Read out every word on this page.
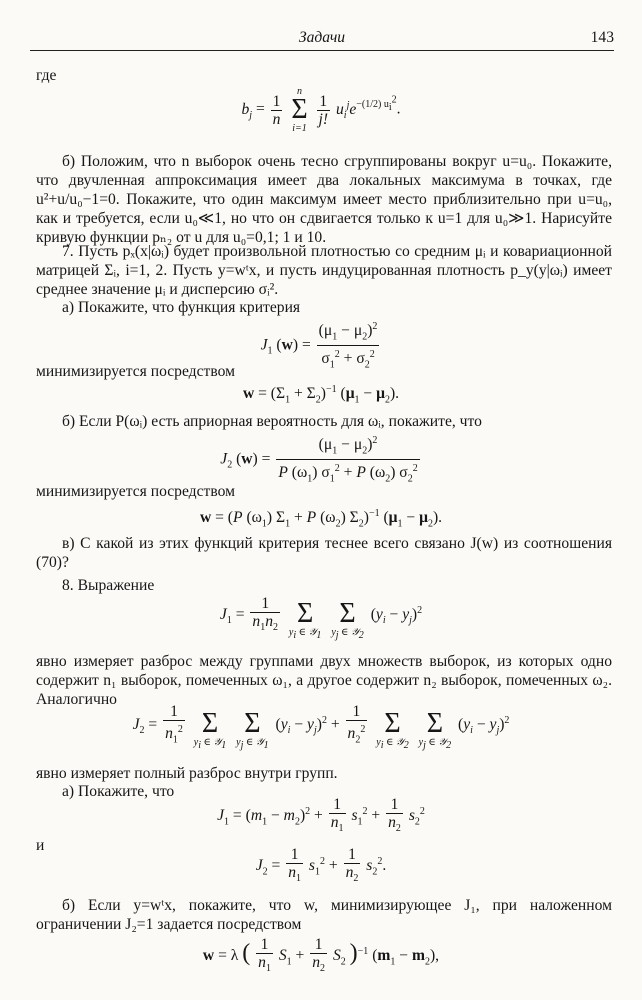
Задачи	143
где
$b_j = \frac{1}{n}$

n
Σ
i=1

$\frac{1}{j!} u_i^je^{-(1/2) u_i^2}$.

б) Положим, что n выборок очень тесно сгруппированы вокруг u=u₀. Покажите, что двучленная аппроксимация имеет два локальных максимума в точках, где u²+u/u₀−1=0. Покажите, что один максимум имеет место приблизительно при u=u₀, как и требуется, если u₀≪1, но что он сдвигается только к u=1 для u₀≫1. Нарисуйте кривую функции pₙ₂ от u для u₀=0,1; 1 и 10.

7. Пусть pₓ(x|ωᵢ) будет произвольной плотностью со средним μᵢ и ковариационной матрицей Σᵢ, i=1, 2. Пусть y=wᵗx, и пусть индуцированная плотность p_y(y|ωᵢ) имеет среднее значение μᵢ и дисперсию σᵢ².

а) Покажите, что функция критерия

$J_1$ $(w) = \frac{(\mu_1 - \mu_2)^2}{\sigma_1^2 + \sigma_2^2}$
минимизируется посредством
$w = (\Sigma_1 + \Sigma_2)^{-1}$ $(\mu_1 - \mu_2)$.

б) Если P(ωᵢ) есть априорная вероятность для ωᵢ, покажите, что

$J_2$ $(w) = \frac{(\mu_1 - \mu_2)^2}{P (\omega_1) \sigma_1^2 + P (\omega_2) \sigma_2^2}$
минимизируется посредством
w = (P $(\omega_1) \Sigma_1 + P$ $(\omega_2)$ $\Sigma_2)^{-1}$ $(\mu_1 - \mu_2)$.

в) С какой из этих функций критерия теснее всего связано J(w) из соотношения (70)?

8. Выражение

$J_1 = \frac{1}{n_1n_2}$

Σ
$y_i$ ∈ 𝒴$_1$

Σ
$y_j$ ∈ 𝒴$_2$
$(y_i - y_j)^2$

явно измеряет разброс между группами двух множеств выборок, из которых одно содержит n₁ выборок, помеченных ω₁, а другое содержит n₂ выборок, помеченных ω₂. Аналогично

$J_2 = \frac{1}{n_1^2}$

Σ
$y_i$ ∈ 𝒴$_1$

Σ
$y_j$ ∈ 𝒴$_1$
$(y_i - y_j)^2 + \frac{1}{n_2^2}$

Σ
$y_i$ ∈ 𝒴$_2$

Σ
$y_j$ ∈ 𝒴$_2$
$(y_i - y_j)^2$

явно измеряет полный разброс внутри групп.

а) Покажите, что

$J_1 = (m_1 - m_2)^2 + \frac{1}{n_1} s_1^2 + \frac{1}{n_2} s_2^2$
и
$J_2 = \frac{1}{n_1} s_1^2 + \frac{1}{n_2} s_2^2$.

б) Если y=wᵗx, покажите, что w, минимизирующее J₁, при наложенном ограничении J₂=1 задается посредством

w = λ ( $\frac{1}{n_1} S_1 + \frac{1}{n_2} S_2$ )$^{-1}$ $(m_1 - m_2)$,
